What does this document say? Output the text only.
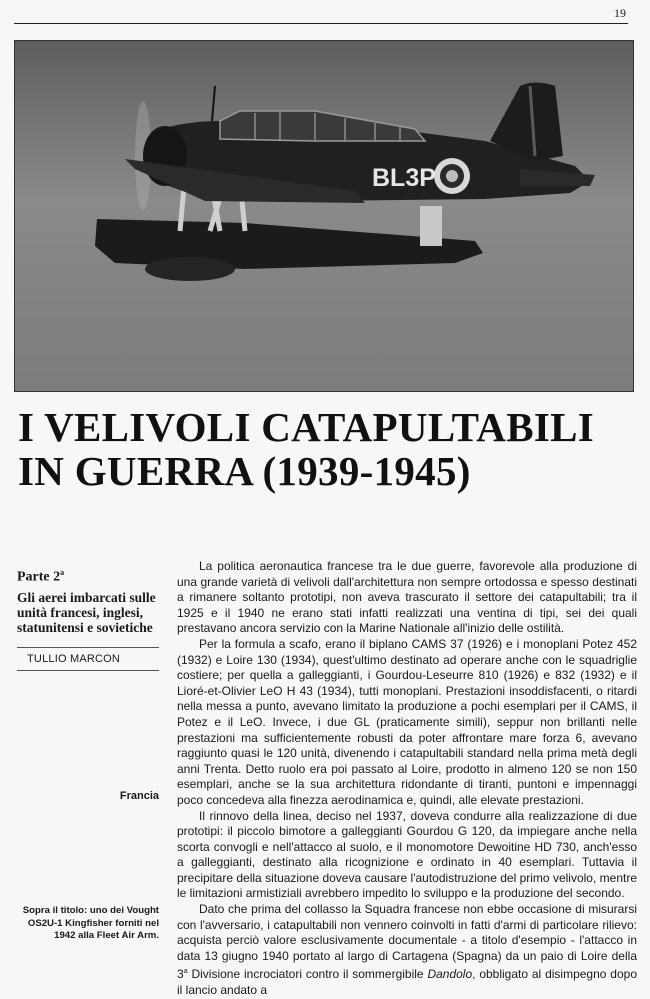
19
BL3P
I VELIVOLI CATAPULTABILI
IN GUERRA (1939-1945)
Parte 2$^a$
Gli aerei imbarcati sulle unità francesi, inglesi, statunitensi e sovietiche
TULLIO MARCON
Francia
Sopra il titolo: uno dei Vought OS2U-1 Kingfisher forniti nel 1942 alla Fleet Air Arm.

La politica aeronautica francese tra le due guerre, favorevole alla produzione di una grande varietà di velivoli dall'architettura non sempre ortodossa e spesso destinati a rimanere soltanto prototipi, non aveva trascurato il settore dei catapultabili; tra il 1925 e il 1940 ne erano stati infatti realizzati una ventina di tipi, sei dei quali prestavano ancora servizio con la Marine Nationale all'inizio delle ostilità.

Per la formula a scafo, erano il biplano CAMS 37 (1926) e i monoplani Potez 452 (1932) e Loire 130 (1934), quest'ultimo destinato ad operare anche con le squadriglie costiere; per quella a galleggianti, i Gourdou-Leseurre 810 (1926) e 832 (1932) e il Lioré-et-Olivier LeO H 43 (1934), tutti monoplani. Prestazioni insoddisfacenti, o ritardi nella messa a punto, avevano limitato la produzione a pochi esemplari per il CAMS, il Potez e il LeO. Invece, i due GL (praticamente simili), seppur non brillanti nelle prestazioni ma sufficientemente robusti da poter affrontare mare forza 6, avevano raggiunto quasi le 120 unità, divenendo i catapultabili standard nella prima metà degli anni Trenta. Detto ruolo era poi passato al Loire, prodotto in almeno 120 se non 150 esemplari, anche se la sua architettura ridondante di tiranti, puntoni e impennaggi poco concedeva alla finezza aerodinamica e, quindi, alle elevate prestazioni.

Il rinnovo della linea, deciso nel 1937, doveva condurre alla realizzazione di due prototipi: il piccolo bimotore a galleggianti Gourdou G 120, da impiegare anche nella scorta convogli e nell'attacco al suolo, e il monomotore Dewoitine HD 730, anch'esso a galleggianti, destinato alla ricognizione e ordinato in 40 esemplari. Tuttavia il precipitare della situazione doveva causare l'autodistruzione del primo velivolo, mentre le limitazioni armistiziali avrebbero impedito lo sviluppo e la produzione del secondo.

Dato che prima del collasso la Squadra francese non ebbe occasione di misurarsi con l'avversario, i catapultabili non vennero coinvolti in fatti d'armi di particolare rilievo: acquista perciò valore esclusivamente documentale - a titolo d'esempio - l'attacco in data 13 giugno 1940 portato al largo di Cartagena (Spagna) da un paio di Loire della 3$^a$ Divisione incrociatori contro il sommergibile Dandolo, obbligato al disimpegno dopo il lancio andato a
